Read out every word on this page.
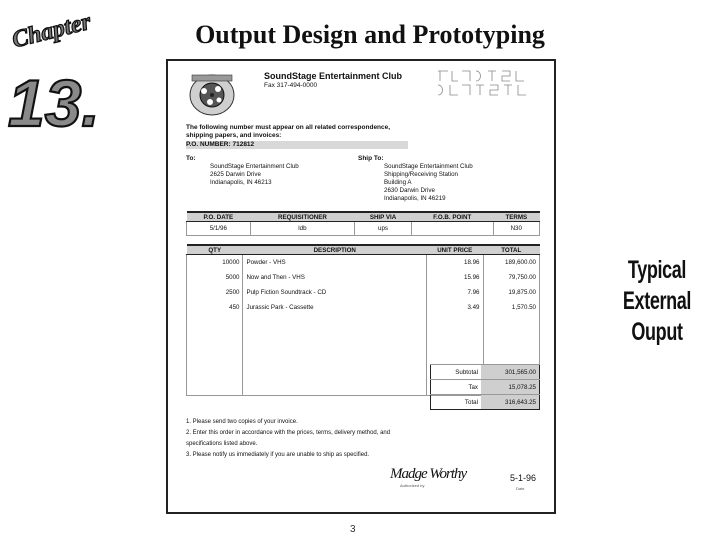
Chapter
13.
Output Design and Prototyping
Typical External
Ouput
SoundStage Entertainment Club
Fax 317-494-0000
The following number must appear on all related correspondence,
shipping papers, and invoices:
P.O. NUMBER: 712812
To:
SoundStage Entertainment Club
2625 Darwin Drive
Indianapolis, IN 46213
Ship To:
SoundStage Entertainment Club
Shipping/Receiving Station
Building A
2630 Darwin Drive
Indianapolis, IN 46219
P.O. DATE	REQUISITIONER	SHIP VIA	F.O.B. POINT	TERMS
5/1/96	ldb	ups		N30
QTY	DESCRIPTION	UNIT PRICE	TOTAL
10000	Powder - VHS	18.96	189,600.00
5000	Now and Then - VHS	15.96	79,750.00
2500	Pulp Fiction Soundtrack - CD	7.96	19,875.00
450	Jurassic Park - Cassette	3.49	1,570.50

Subtotal	301,565.00
Tax	15,078.25
Total	316,643.25
1. Please send two copies of your invoice.
2. Enter this order in accordance with the prices, terms, delivery method, and
specifications listed above.
3. Please notify us immediately if you are unable to ship as specified.
Madge Worthy
Authorized by
5-1-96
Date
3
